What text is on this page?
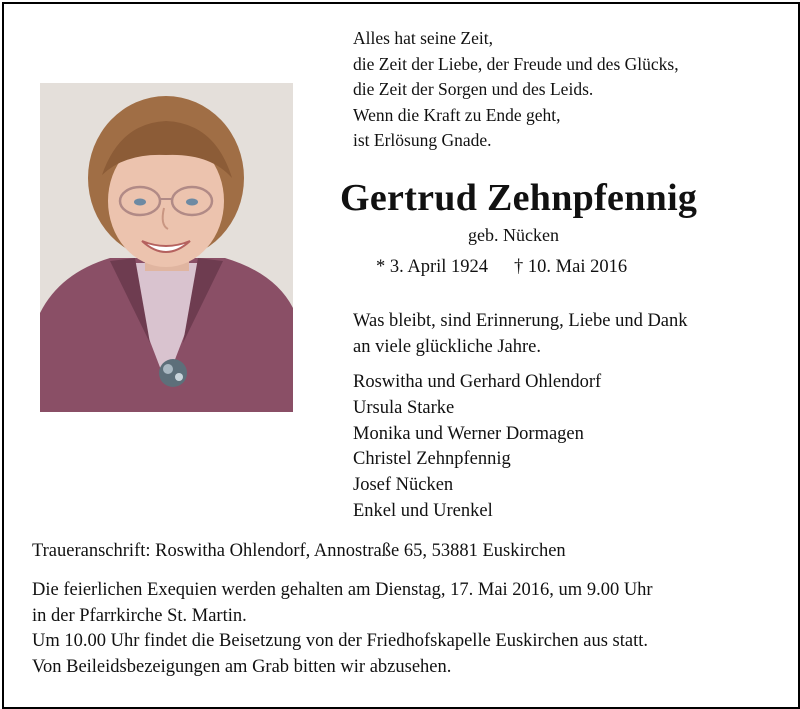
Alles hat seine Zeit,
die Zeit der Liebe, der Freude und des Glücks,
die Zeit der Sorgen und des Leids.
Wenn die Kraft zu Ende geht,
ist Erlösung Gnade.
Gertrud Zehnpfennig
geb. Nücken
* 3. April 1924 † 10. Mai 2016
Was bleibt, sind Erinnerung, Liebe und Dank
an viele glückliche Jahre.
Roswitha und Gerhard Ohlendorf
Ursula Starke
Monika und Werner Dormagen
Christel Zehnpfennig
Josef Nücken
Enkel und Urenkel
Traueranschrift: Roswitha Ohlendorf, Annostraße 65, 53881 Euskirchen
Die feierlichen Exequien werden gehalten am Dienstag, 17. Mai 2016, um 9.00 Uhr
in der Pfarrkirche St. Martin.
Um 10.00 Uhr findet die Beisetzung von der Friedhofskapelle Euskirchen aus statt.
Von Beileidsbezeigungen am Grab bitten wir abzusehen.
